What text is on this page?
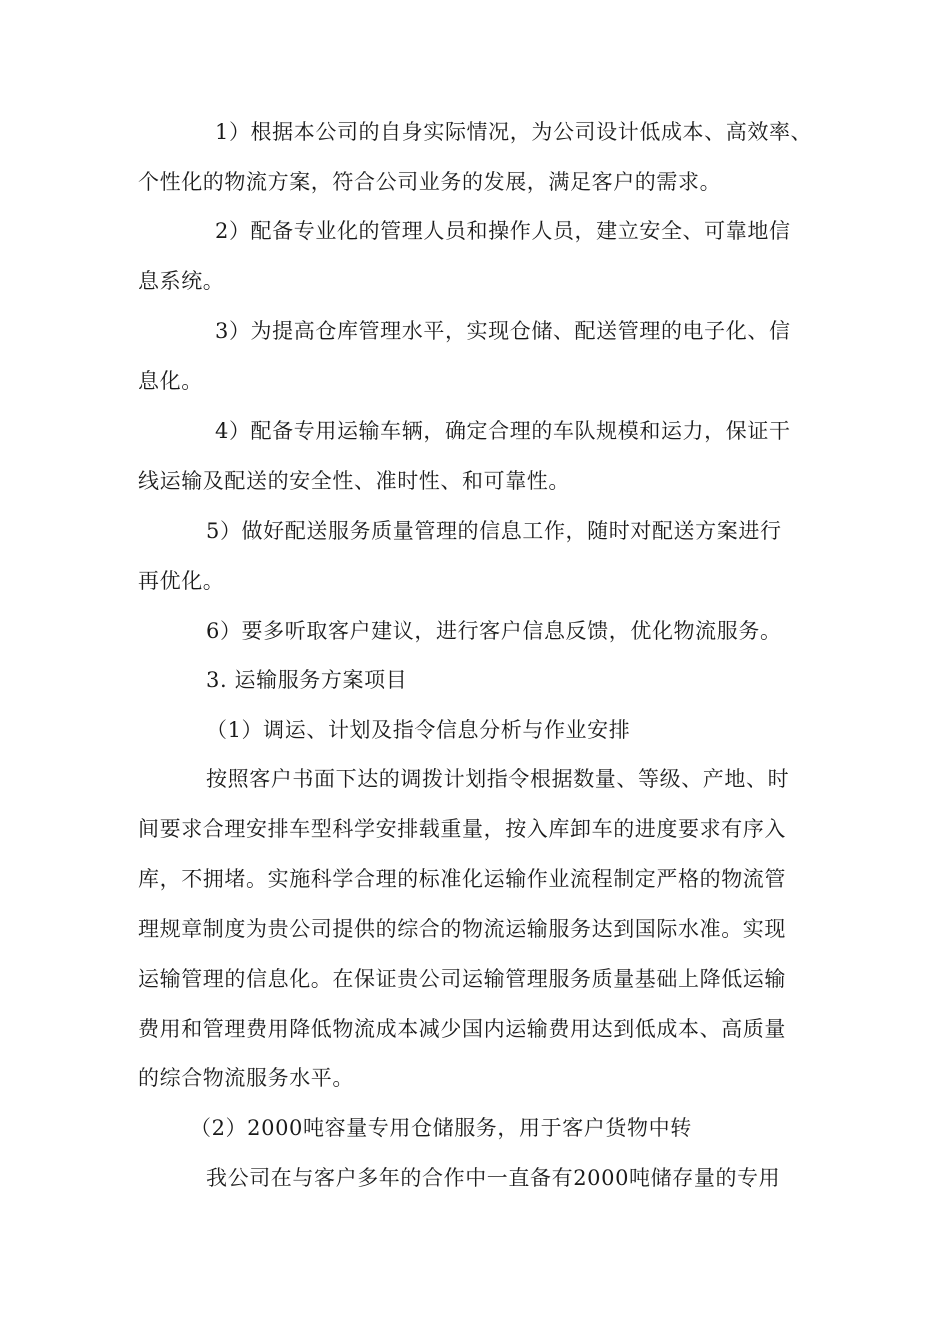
1）根据本公司的自身实际情况，为公司设计低成本、高效率、
个性化的物流方案，符合公司业务的发展，满足客户的需求。
2）配备专业化的管理人员和操作人员，建立安全、可靠地信
息系统。
3）为提高仓库管理水平，实现仓储、配送管理的电子化、信
息化。
4）配备专用运输车辆，确定合理的车队规模和运力，保证干
线运输及配送的安全性、准时性、和可靠性。
5）做好配送服务质量管理的信息工作，随时对配送方案进行
再优化。
6）要多听取客户建议，进行客户信息反馈，优化物流服务。
3. 运输服务方案项目
（1）调运、计划及指令信息分析与作业安排
按照客户书面下达的调拨计划指令根据数量、等级、产地、时
间要求合理安排车型科学安排载重量，按入库卸车的进度要求有序入
库，不拥堵。实施科学合理的标准化运输作业流程制定严格的物流管
理规章制度为贵公司提供的综合的物流运输服务达到国际水准。实现
运输管理的信息化。在保证贵公司运输管理服务质量基础上降低运输
费用和管理费用降低物流成本减少国内运输费用达到低成本、高质量
的综合物流服务水平。
（2）2000吨容量专用仓储服务，用于客户货物中转
我公司在与客户多年的合作中一直备有2000吨储存量的专用
